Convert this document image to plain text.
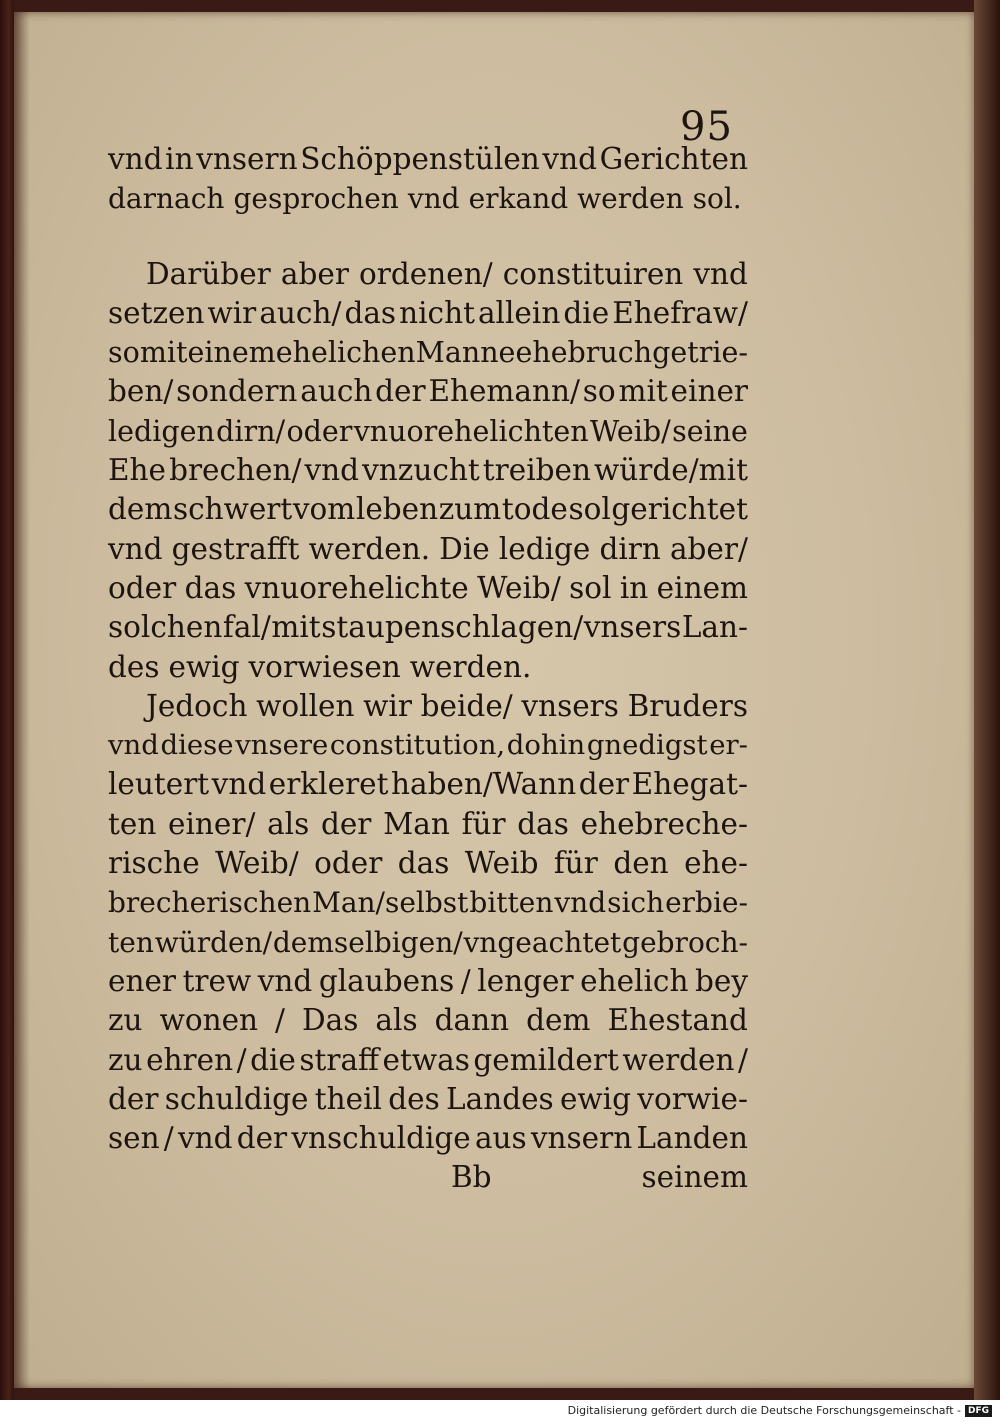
95
vnd in vnsern Schöppenstülen vnd Gerichten
darnach gesprochen vnd erkand werden sol.
Darüber aber ordenen/ constituiren vnd
setzen wir auch/ das nicht allein die Ehefraw/
so mit einem ehelichen Manne ehebruch getrie-
ben/ sondern auch der Ehemann/ so mit einer
ledigen dirn/ oder vnuorehelichten Weib/ seine
Ehe brechen/ vnd vnzucht treiben würde/mit
dem schwert vom leben zum tode sol gerichtet
vnd gestrafft werden. Die ledige dirn aber/
oder das vnuorehelichte Weib/ sol in einem
solchen fal/ mit staupenschlagen/ vnsers Lan-
des ewig vorwiesen werden.
Jedoch wollen wir beide/ vnsers Bruders
vnd diese vnsere constitution, dohin gnedigst er-
leutert vnd erkleret haben/Wann der Ehegat-
ten einer/ als der Man für das ehebreche-
rische Weib/ oder das Weib für den ehe-
brecherischen Man/selbst bitten vnd sich erbie-
ten würden/ demselbigen/ vngeachtet gebroch-
ener trew vnd glaubens / lenger ehelich bey
zu wonen / Das als dann dem Ehestand
zu ehren / die straff etwas gemildert werden /
der schuldige theil des Landes ewig vorwie-
sen / vnd der vnschuldige aus vnsern Landen
Bb	seinem
Digitalisierung gefördert durch die Deutsche Forschungsgemeinschaft - DFG
